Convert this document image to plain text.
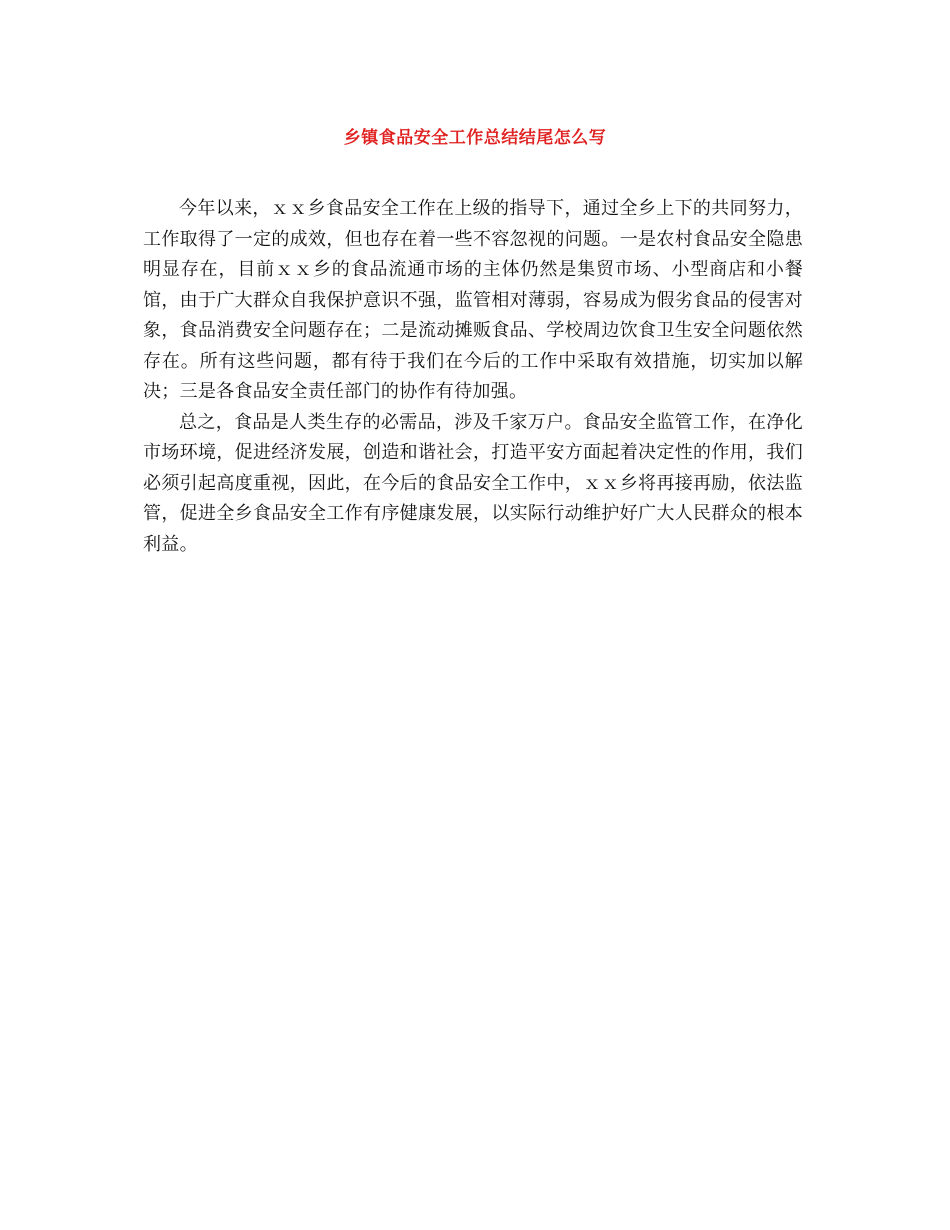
乡镇食品安全工作总结结尾怎么写

今年以来，ｘｘ乡食品安全工作在上级的指导下，通过全乡上下的共同努力，工作取得了一定的成效，但也存在着一些不容忽视的问题。一是农村食品安全隐患明显存在，目前ｘｘ乡的食品流通市场的主体仍然是集贸市场、小型商店和小餐馆，由于广大群众自我保护意识不强，监管相对薄弱，容易成为假劣食品的侵害对象，食品消费安全问题存在；二是流动摊贩食品、学校周边饮食卫生安全问题依然存在。所有这些问题，都有待于我们在今后的工作中采取有效措施，切实加以解决；三是各食品安全责任部门的协作有待加强。

总之，食品是人类生存的必需品，涉及千家万户。食品安全监管工作，在净化市场环境，促进经济发展，创造和谐社会，打造平安方面起着决定性的作用，我们必须引起高度重视，因此，在今后的食品安全工作中，ｘｘ乡将再接再励，依法监管，促进全乡食品安全工作有序健康发展，以实际行动维护好广大人民群众的根本利益。
